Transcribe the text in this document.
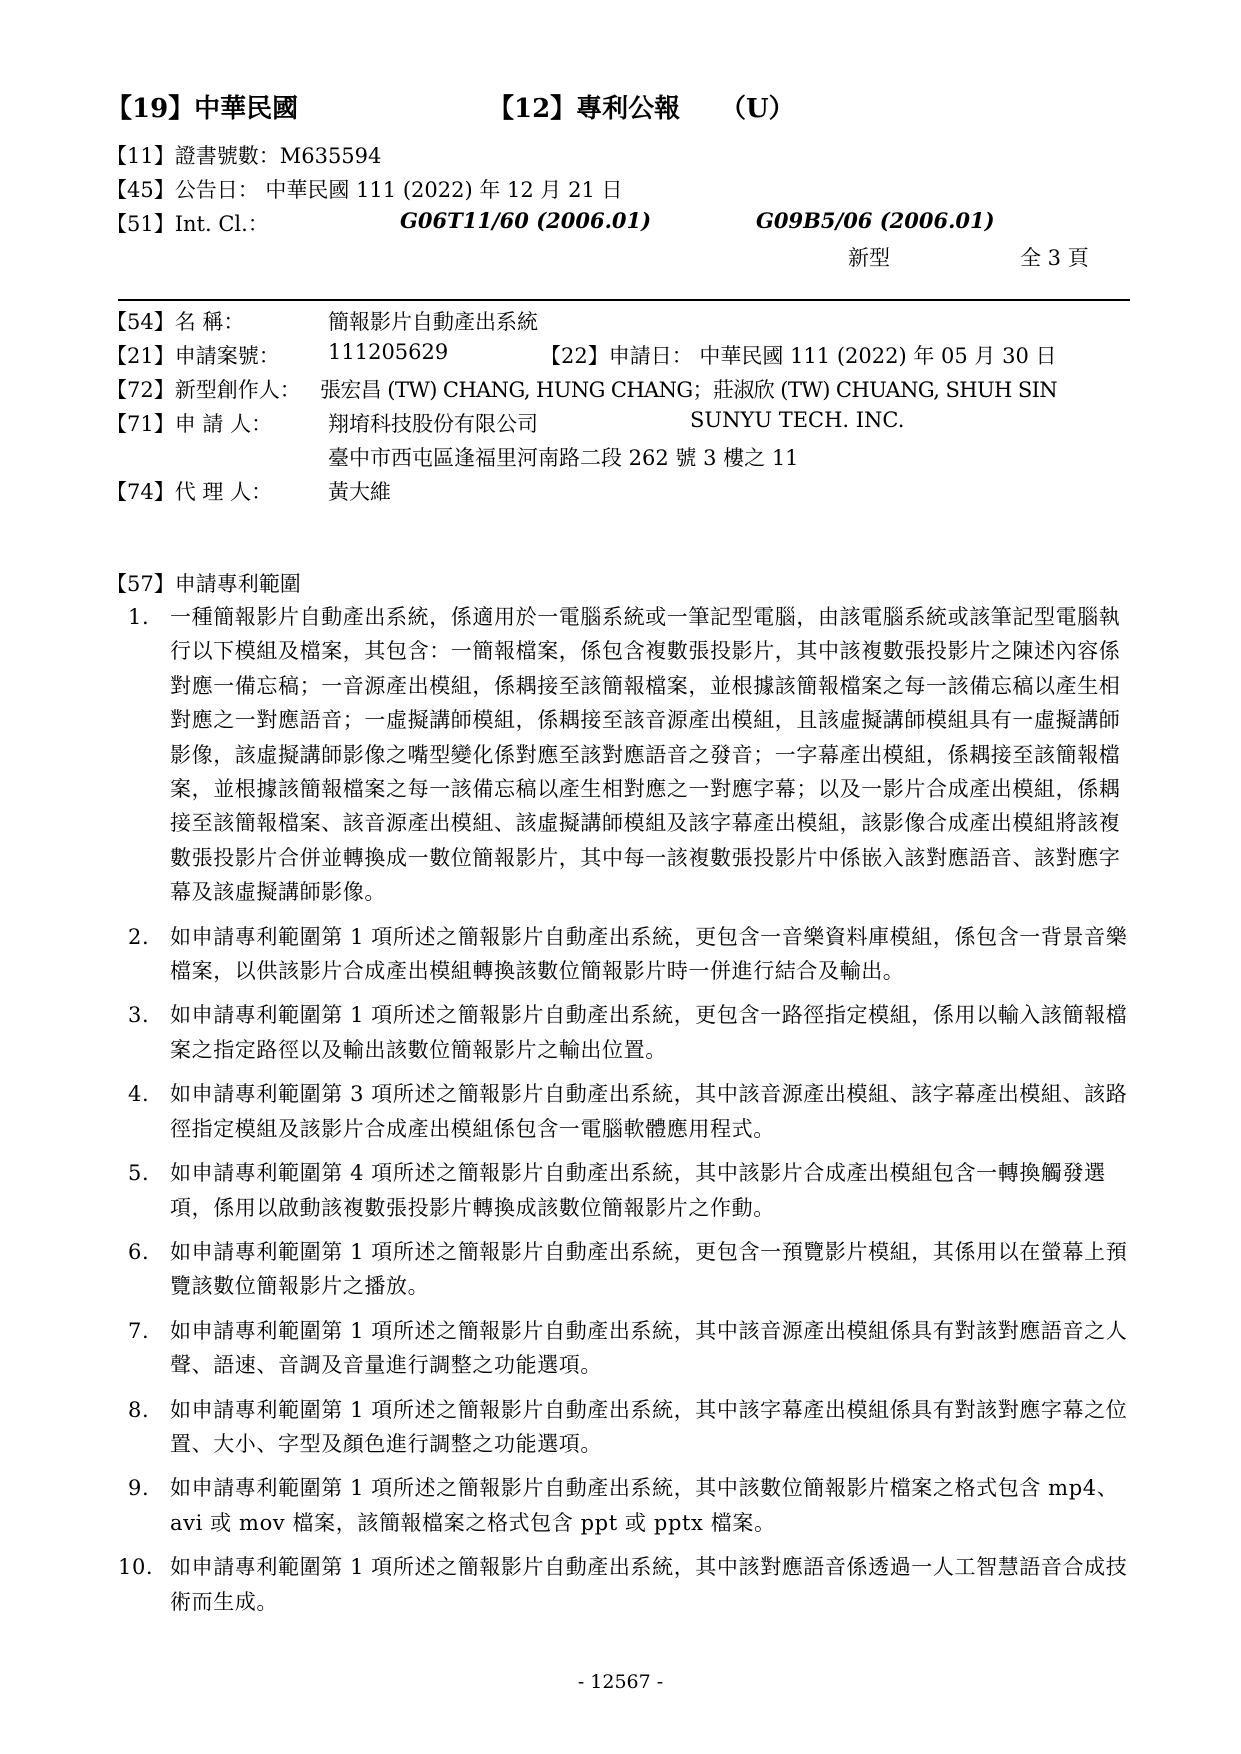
【19】中華民國	【12】專利公報 （U）
【11】證書號數：M635594
【45】公告日： 中華民國 111 (2022) 年 12 月 21 日
【51】Int. Cl.：	G06T11/60 (2006.01)	G09B5/06 (2006.01)
新型	全 3 頁
【54】名 稱：	簡報影片自動產出系統
【21】申請案號： 111205629	【22】申請日： 中華民國 111 (2022) 年 05 月 30 日
【72】新型創作人： 張宏昌 (TW) CHANG, HUNG CHANG；莊淑欣 (TW) CHUANG, SHUH SIN
【71】申 請 人：	翔堉科技股份有限公司	SUNYU TECH. INC.
臺中市西屯區逢福里河南路二段 262 號 3 樓之 11
【74】代 理 人：	黃大維
【57】申請專利範圍
1. 一種簡報影片自動產出系統，係適用於一電腦系統或一筆記型電腦，由該電腦系統或該筆記型電腦執行以下模組及檔案，其包含：一簡報檔案，係包含複數張投影片，其中該複數張投影片之陳述內容係對應一備忘稿；一音源產出模組，係耦接至該簡報檔案，並根據該簡報檔案之每一該備忘稿以產生相對應之一對應語音；一虛擬講師模組，係耦接至該音源產出模組，且該虛擬講師模組具有一虛擬講師影像，該虛擬講師影像之嘴型變化係對應至該對應語音之發音；一字幕產出模組，係耦接至該簡報檔案，並根據該簡報檔案之每一該備忘稿以產生相對應之一對應字幕；以及一影片合成產出模組，係耦接至該簡報檔案、該音源產出模組、該虛擬講師模組及該字幕產出模組，該影像合成產出模組將該複數張投影片合併並轉換成一數位簡報影片，其中每一該複數張投影片中係嵌入該對應語音、該對應字幕及該虛擬講師影像。
2. 如申請專利範圍第 1 項所述之簡報影片自動產出系統，更包含一音樂資料庫模組，係包含一背景音樂檔案，以供該影片合成產出模組轉換該數位簡報影片時一併進行結合及輸出。
3. 如申請專利範圍第 1 項所述之簡報影片自動產出系統，更包含一路徑指定模組，係用以輸入該簡報檔案之指定路徑以及輸出該數位簡報影片之輸出位置。
4. 如申請專利範圍第 3 項所述之簡報影片自動產出系統，其中該音源產出模組、該字幕產出模組、該路徑指定模組及該影片合成產出模組係包含一電腦軟體應用程式。
5. 如申請專利範圍第 4 項所述之簡報影片自動產出系統，其中該影片合成產出模組包含一轉換觸發選項，係用以啟動該複數張投影片轉換成該數位簡報影片之作動。
6. 如申請專利範圍第 1 項所述之簡報影片自動產出系統，更包含一預覽影片模組，其係用以在螢幕上預覽該數位簡報影片之播放。
7. 如申請專利範圍第 1 項所述之簡報影片自動產出系統，其中該音源產出模組係具有對該對應語音之人聲、語速、音調及音量進行調整之功能選項。
8. 如申請專利範圍第 1 項所述之簡報影片自動產出系統，其中該字幕產出模組係具有對該對應字幕之位置、大小、字型及顏色進行調整之功能選項。
9. 如申請專利範圍第 1 項所述之簡報影片自動產出系統，其中該數位簡報影片檔案之格式包含 mp4、avi 或 mov 檔案，該簡報檔案之格式包含 ppt 或 pptx 檔案。
10. 如申請專利範圍第 1 項所述之簡報影片自動產出系統，其中該對應語音係透過一人工智慧語音合成技術而生成。
- 12567 -
